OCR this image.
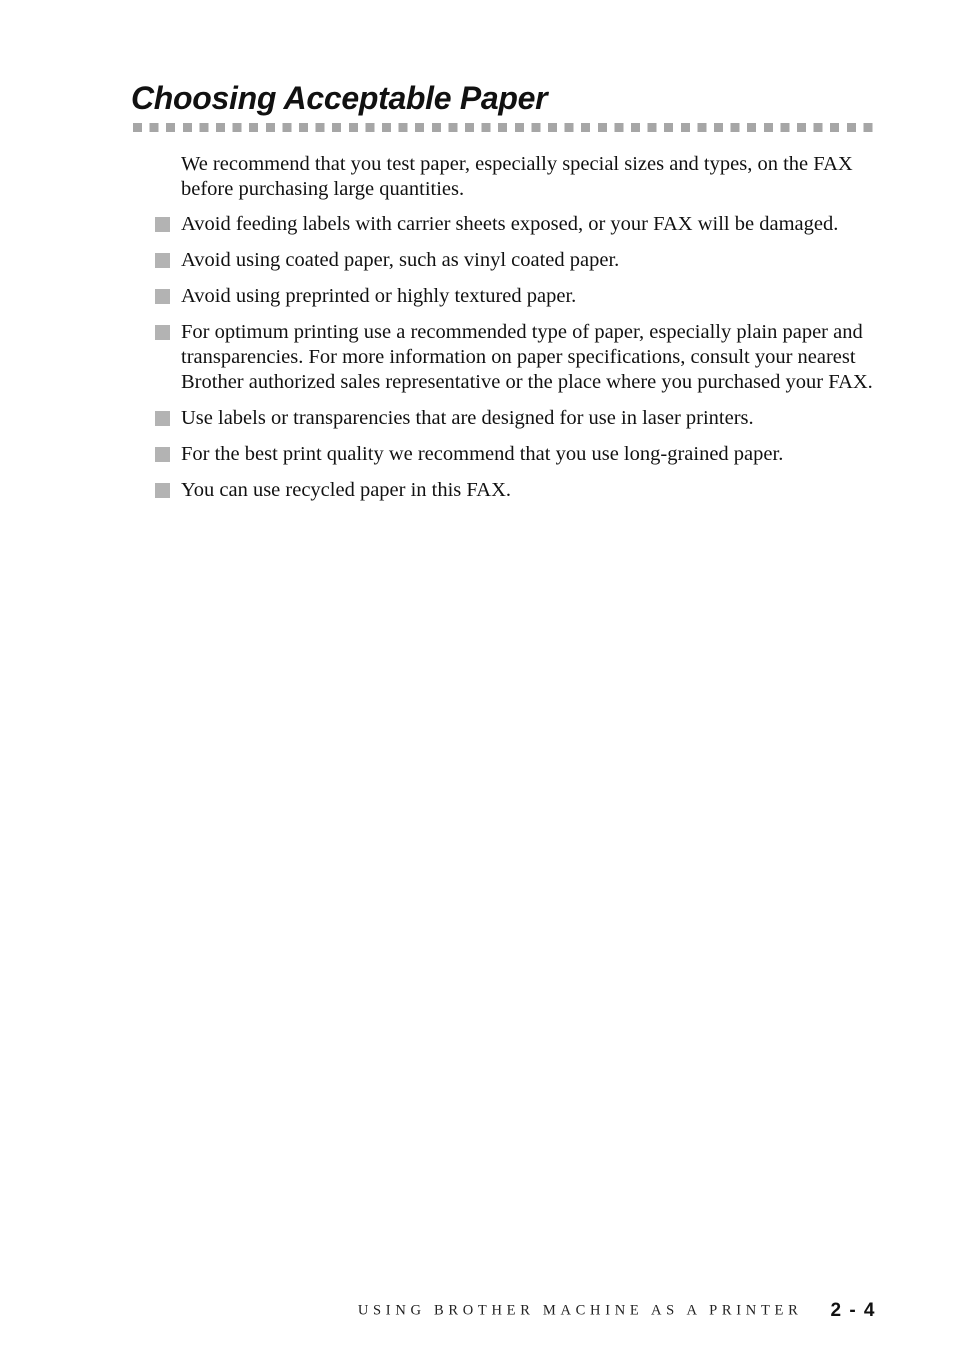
Choosing Acceptable Paper

We recommend that you test paper, especially special sizes and types, on the FAX before purchasing large quantities.

Avoid feeding labels with carrier sheets exposed, or your FAX will be damaged.
Avoid using coated paper, such as vinyl coated paper.
Avoid using preprinted or highly textured paper.
For optimum printing use a recommended type of paper, especially plain paper and transparencies. For more information on paper specifications, consult your nearest Brother authorized sales representative or the place where you purchased your FAX.
Use labels or transparencies that are designed for use in laser printers.
For the best print quality we recommend that you use long-grained paper.
You can use recycled paper in this FAX.
USING BROTHER MACHINE AS A PRINTER 2 - 4
